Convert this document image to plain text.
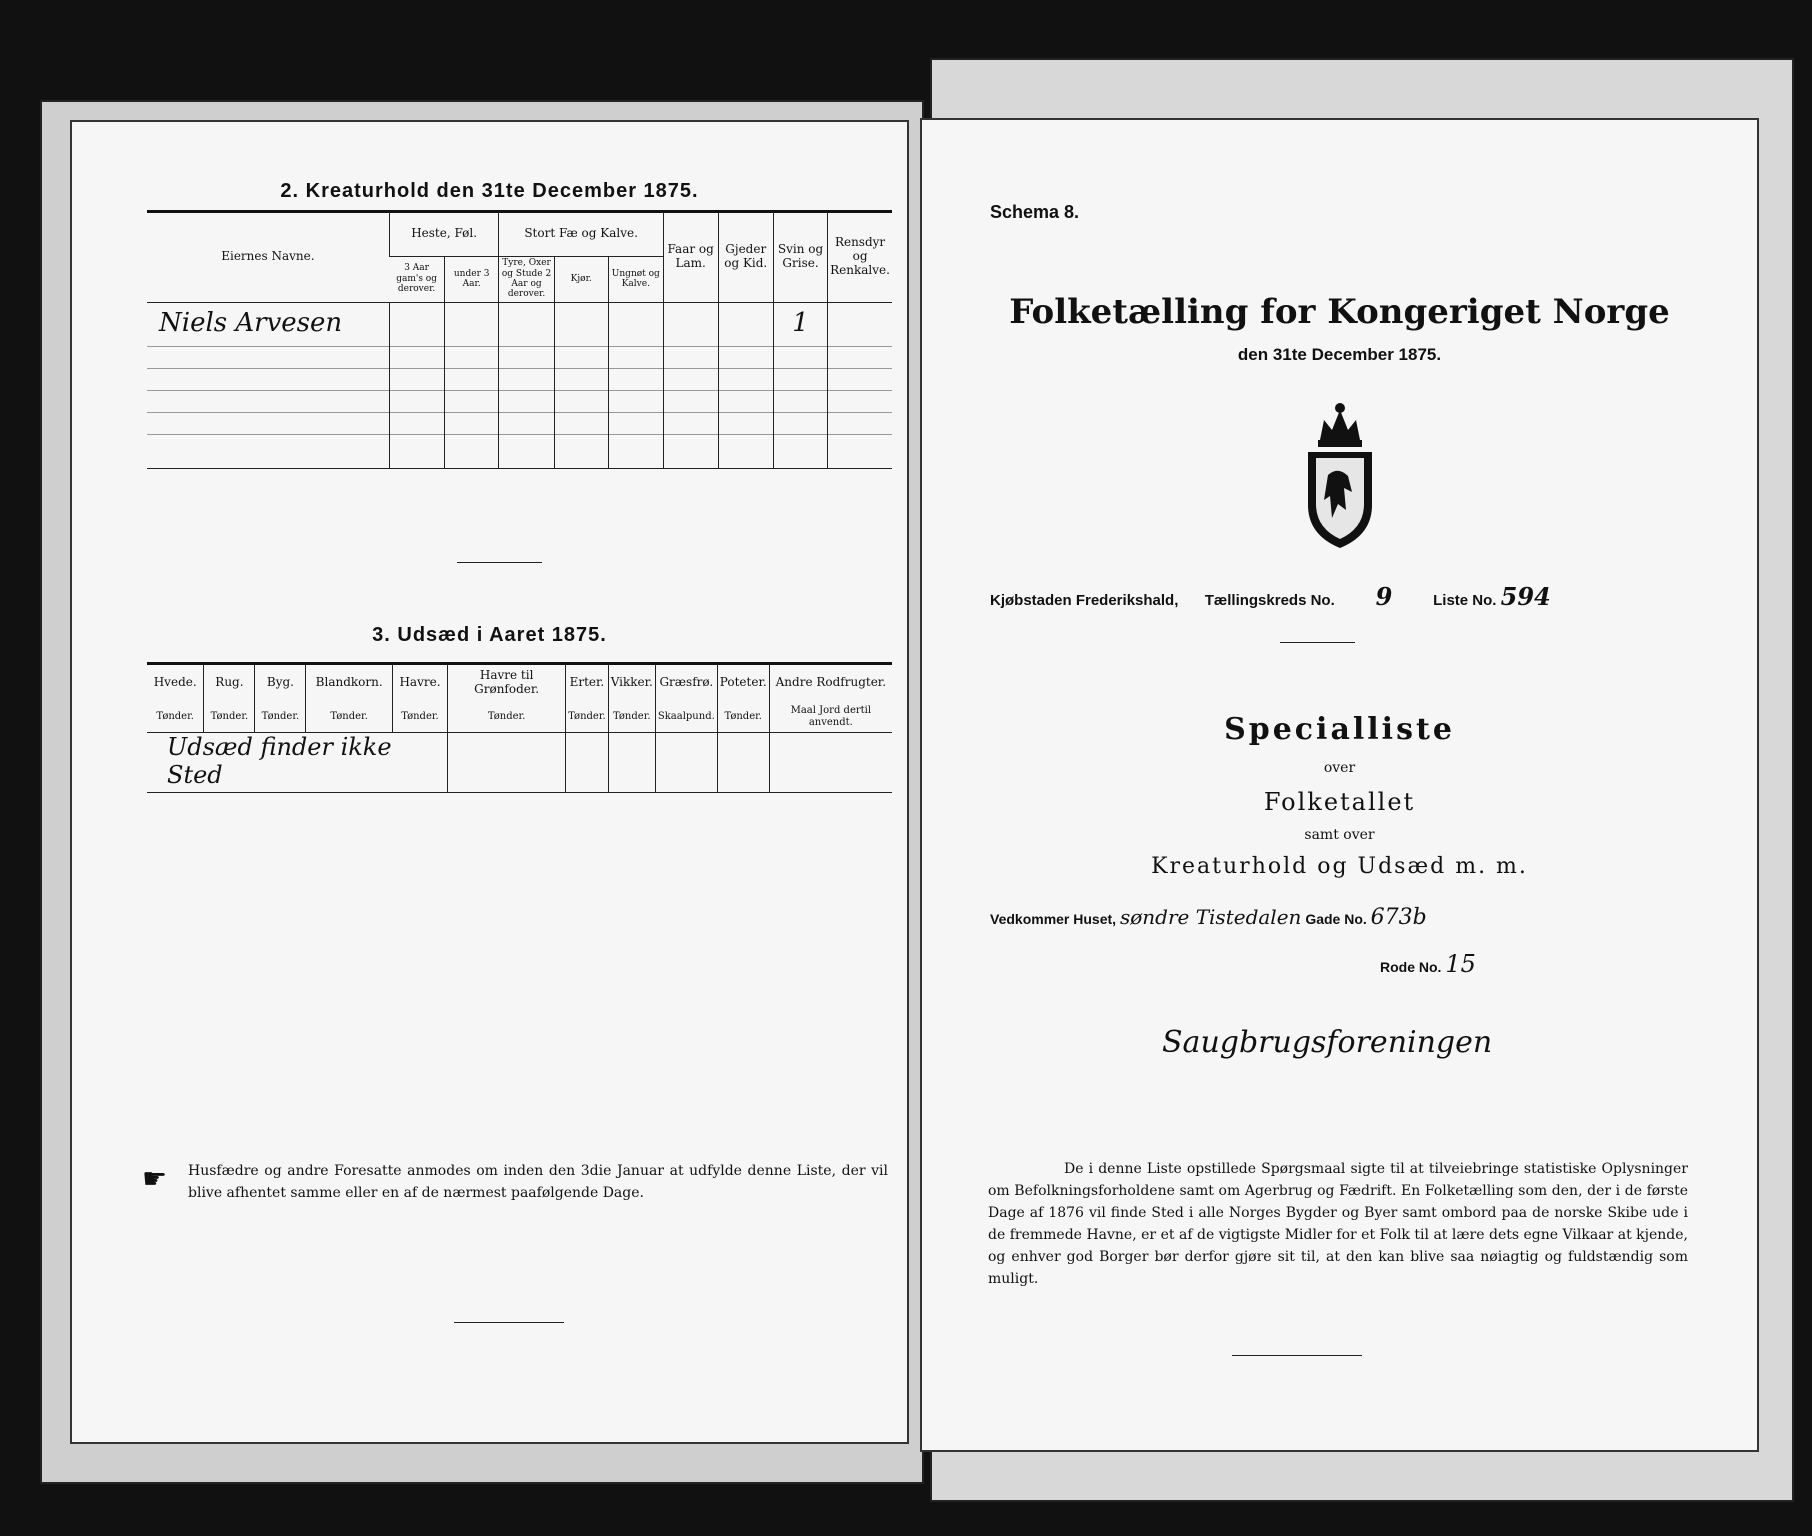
2. Kreaturhold den 31te December 1875.
Eiernes Navne.	Heste, Føl.		Stort Fæ og Kalve.			Faar og Lam.	Gjeder og Kid.	Svin og Grise.	Rensdyr og Renkalve.
	3 Aar gam's og derover.	under 3 Aar.	Tyre, Oxer og Stude 2 Aar og derover.	Kjør.	Ungnøt og Kalve.				
Niels Arvesen								1	

3. Udsæd i Aaret 1875.
Hvede.	Rug.	Byg.	Blandkorn.	Havre.	Havre til Grønfoder.	Erter.	Vikker.	Græsfrø.	Poteter.	Andre Rodfrugter.
Tønder.	Tønder.	Tønder.	Tønder.	Tønder.	Tønder.	Tønder.	Tønder.	Skaalpund.	Tønder.	Maal Jord dertil anvendt.
Udsæd finder ikke Sted										
☛ Husfædre og andre Foresatte anmodes om inden den 3die Januar at udfylde denne Liste, der vil blive afhentet samme eller en af de nærmest paafølgende Dage.
Schema 8.
Folketælling for Kongeriget Norge
den 31te December 1875.
Kjøbstaden Frederikshald, Tællingskreds No. 9	Liste No. 594
Specialliste
over
Folketallet
samt over
Kreaturhold og Udsæd m. m.
Vedkommer Huset, søndre Tistedalen Gade No. 673b
Rode No. 15
Saugbrugsforeningen
De i denne Liste opstillede Spørgsmaal sigte til at tilveiebringe statistiske Oplysninger om Befolkningsforholdene samt om Agerbrug og Fædrift. En Folketælling som den, der i de første Dage af 1876 vil finde Sted i alle Norges Bygder og Byer samt ombord paa de norske Skibe ude i de fremmede Havne, er et af de vigtigste Midler for et Folk til at lære dets egne Vilkaar at kjende, og enhver god Borger bør derfor gjøre sit til, at den kan blive saa nøiagtig og fuldstændig som muligt.
